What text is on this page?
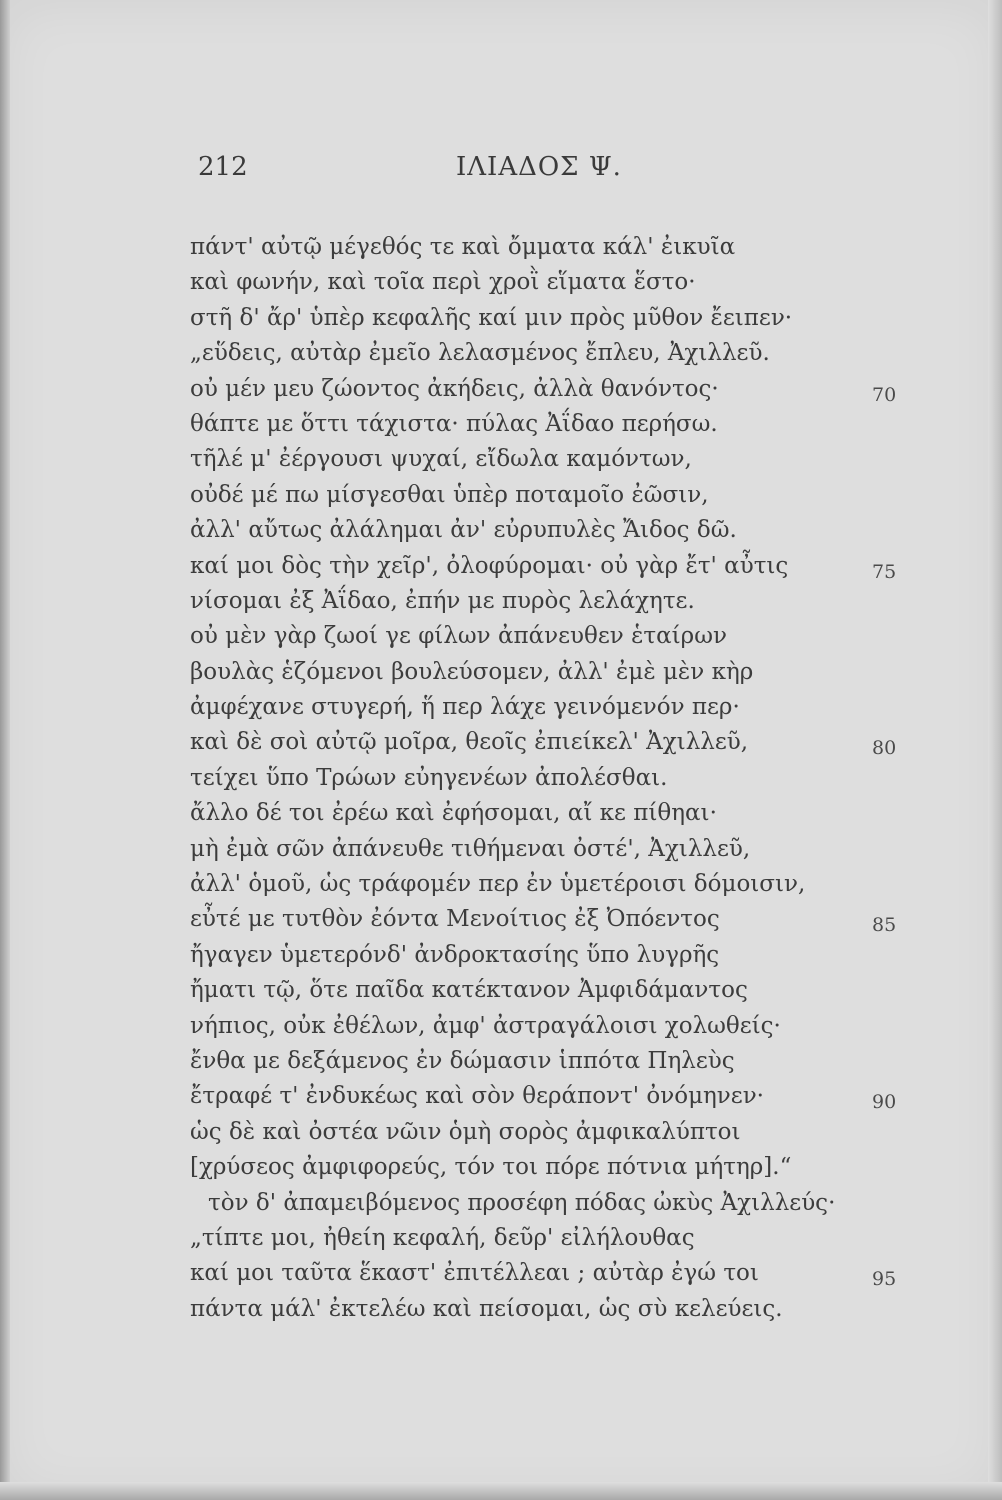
212	ΙΛΙΑΔΟΣ Ψ.
πάντ' αὐτῷ μέγεθός τε καὶ ὄμματα κάλ' ἐικυῖα
καὶ φωνήν, καὶ τοῖα περὶ χροῒ εἵματα ἕστο·
στῆ δ' ἄρ' ὑπὲρ κεφαλῆς καί μιν πρὸς μῦθον ἔειπεν·
„εὕδεις, αὐτὰρ ἐμεῖο λελασμένος ἔπλευ, Ἀχιλλεῦ.
οὐ μέν μευ ζώοντος ἀκήδεις, ἀλλὰ θανόντος·	70
θάπτε με ὅττι τάχιστα· πύλας Ἀΐδαο περήσω.
τῆλέ μ' ἐέργουσι ψυχαί, εἴδωλα καμόντων,
οὐδέ μέ πω μίσγεσθαι ὑπὲρ ποταμοῖο ἐῶσιν,
ἀλλ' αὔτως ἀλάλημαι ἀν' εὐρυπυλὲς Ἄιδος δῶ.
καί μοι δὸς τὴν χεῖρ', ὀλοφύρομαι· οὐ γὰρ ἔτ' αὖτις	75
νίσομαι ἐξ Ἀΐδαο, ἐπήν με πυρὸς λελάχητε.
οὐ μὲν γὰρ ζωοί γε φίλων ἀπάνευθεν ἑταίρων
βουλὰς ἑζόμενοι βουλεύσομεν, ἀλλ' ἐμὲ μὲν κὴρ
ἀμφέχανε στυγερή, ἥ περ λάχε γεινόμενόν περ·
καὶ δὲ σοὶ αὐτῷ μοῖρα, θεοῖς ἐπιείκελ' Ἀχιλλεῦ,	80
τείχει ὕπο Τρώων εὐηγενέων ἀπολέσθαι.
ἄλλο δέ τοι ἐρέω καὶ ἐφήσομαι, αἴ κε πίθηαι·
μὴ ἐμὰ σῶν ἀπάνευθε τιθήμεναι ὀστέ', Ἀχιλλεῦ,
ἀλλ' ὁμοῦ, ὡς τράφομέν περ ἐν ὑμετέροισι δόμοισιν,
εὖτέ με τυτθὸν ἐόντα Μενοίτιος ἐξ Ὀπόεντος	85
ἤγαγεν ὑμετερόνδ' ἀνδροκτασίης ὕπο λυγρῆς
ἤματι τῷ, ὅτε παῖδα κατέκτανον Ἀμφιδάμαντος
νήπιος, οὐκ ἐθέλων, ἀμφ' ἀστραγάλοισι χολωθείς·
ἔνθα με δεξάμενος ἐν δώμασιν ἱππότα Πηλεὺς
ἔτραφέ τ' ἐνδυκέως καὶ σὸν θεράποντ' ὀνόμηνεν·	90
ὡς δὲ καὶ ὀστέα νῶιν ὁμὴ σορὸς ἀμφικαλύπτοι
[χρύσεος ἀμφιφορεύς, τόν τοι πόρε πότνια μήτηρ].“
τὸν δ' ἀπαμειβόμενος προσέφη πόδας ὠκὺς Ἀχιλλεύς·
„τίπτε μοι, ἠθείη κεφαλή, δεῦρ' εἰλήλουθας
καί μοι ταῦτα ἕκαστ' ἐπιτέλλεαι ; αὐτὰρ ἐγώ τοι	95
πάντα μάλ' ἐκτελέω καὶ πείσομαι, ὡς σὺ κελεύεις.
